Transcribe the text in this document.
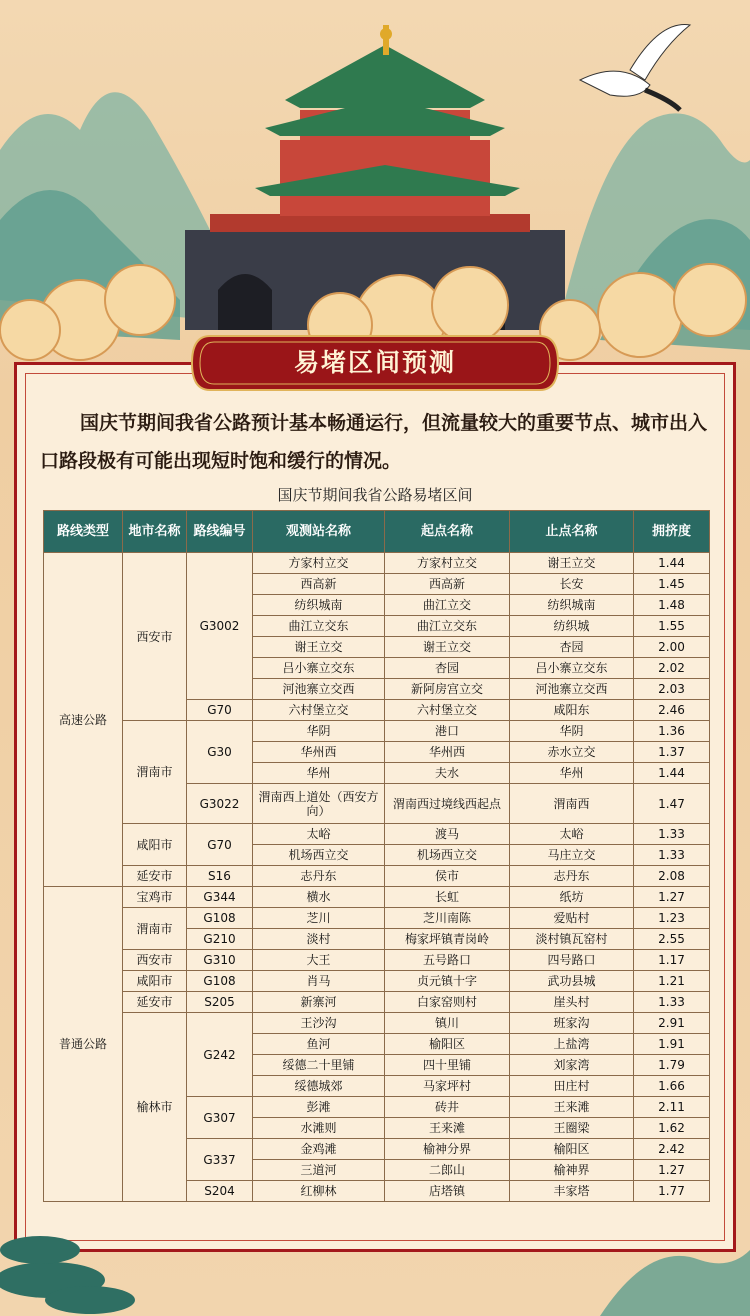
易堵区间预测

国庆节期间我省公路预计基本畅通运行，但流量较大的重要节点、城市出入口路段极有可能出现短时饱和缓行的情况。

国庆节期间我省公路易堵区间
路线类型	地市名称	路线编号	观测站名称	起点名称	止点名称	拥挤度
高速公路	西安市	G3002	方家村立交	方家村立交	谢王立交	1.44
			西高新	西高新	长安	1.45
			纺织城南	曲江立交	纺织城南	1.48
			曲江立交东	曲江立交东	纺织城	1.55
			谢王立交	谢王立交	杏园	2.00
			吕小寨立交东	杏园	吕小寨立交东	2.02
			河池寨立交西	新阿房宫立交	河池寨立交西	2.03
		G70	六村堡立交	六村堡立交	咸阳东	2.46
	渭南市	G30	华阴	港口	华阴	1.36
			华州西	华州西	赤水立交	1.37
			华州	夫水	华州	1.44
		G3022	渭南西上道处（西安方向）	渭南西过境线西起点	渭南西	1.47
	咸阳市	G70	太峪	渡马	太峪	1.33
			机场西立交	机场西立交	马庄立交	1.33
	延安市	S16	志丹东	侯市	志丹东	2.08
普通公路	宝鸡市	G344	横水	长虹	纸坊	1.27
	渭南市	G108	芝川	芝川南陈	爱贴村	1.23
		G210	淡村	梅家坪镇青岗岭	淡村镇瓦窑村	2.55
	西安市	G310	大王	五号路口	四号路口	1.17
	咸阳市	G108	肖马	贞元镇十字	武功县城	1.21
	延安市	S205	新寨河	白家窑则村	崖头村	1.33
	榆林市	G242	王沙沟	镇川	班家沟	2.91
			鱼河	榆阳区	上盐湾	1.91
			绥德二十里铺	四十里铺	刘家湾	1.79
			绥德城郊	马家坪村	田庄村	1.66
		G307	彭滩	砖井	王来滩	2.11
			水滩则	王来滩	王圈梁	1.62
		G337	金鸡滩	榆神分界	榆阳区	2.42
			三道河	二郎山	榆神界	1.27
		S204	红柳林	店塔镇	丰家塔	1.77
